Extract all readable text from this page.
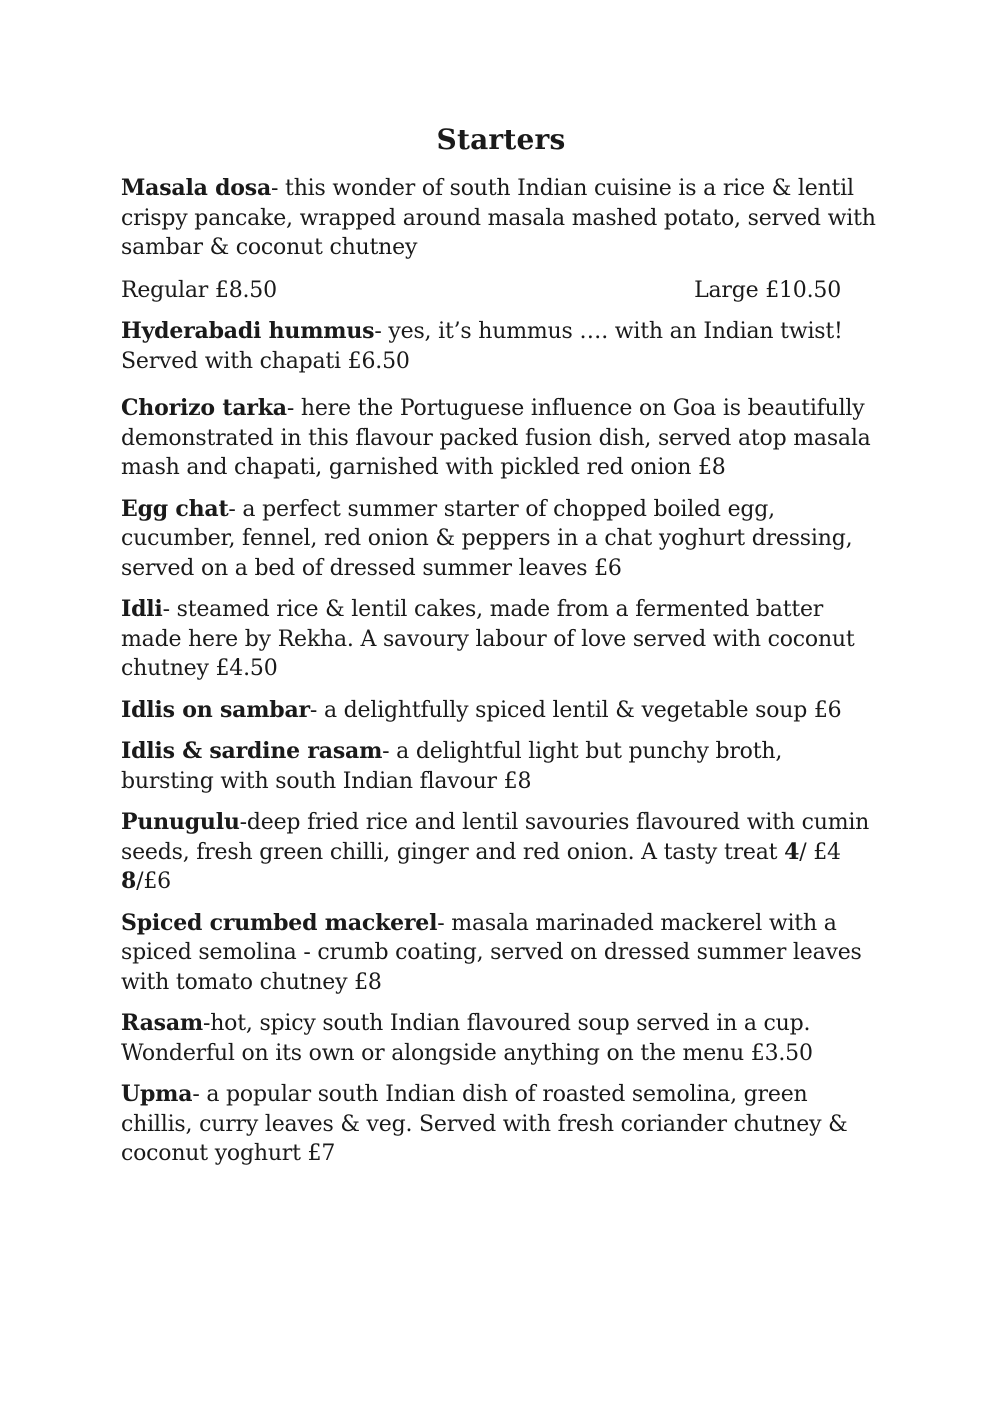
Starters

Masala dosa- this wonder of south Indian cuisine is a rice & lentil crispy pancake, wrapped around masala mashed potato, served with sambar & coconut chutney

Regular £8.50	Large £10.50

Hyderabadi hummus- yes, it’s hummus …. with an Indian twist! Served with chapati £6.50

Chorizo tarka- here the Portuguese influence on Goa is beautifully demonstrated in this flavour packed fusion dish, served atop masala mash and chapati, garnished with pickled red onion £8

Egg chat- a perfect summer starter of chopped boiled egg, cucumber, fennel, red onion & peppers in a chat yoghurt dressing, served on a bed of dressed summer leaves £6

Idli- steamed rice & lentil cakes, made from a fermented batter made here by Rekha. A savoury labour of love served with coconut chutney £4.50

Idlis on sambar- a delightfully spiced lentil & vegetable soup £6

Idlis & sardine rasam- a delightful light but punchy broth, bursting with south Indian flavour £8

Punugulu-deep fried rice and lentil savouries flavoured with cumin seeds, fresh green chilli, ginger and red onion. A tasty treat 4/ £48/£6

Spiced crumbed mackerel- masala marinaded mackerel with a spiced semolina - crumb coating, served on dressed summer leaves with tomato chutney £8

Rasam-hot, spicy south Indian flavoured soup served in a cup. Wonderful on its own or alongside anything on the menu £3.50

Upma- a popular south Indian dish of roasted semolina, green chillis, curry leaves & veg. Served with fresh coriander chutney & coconut yoghurt £7
